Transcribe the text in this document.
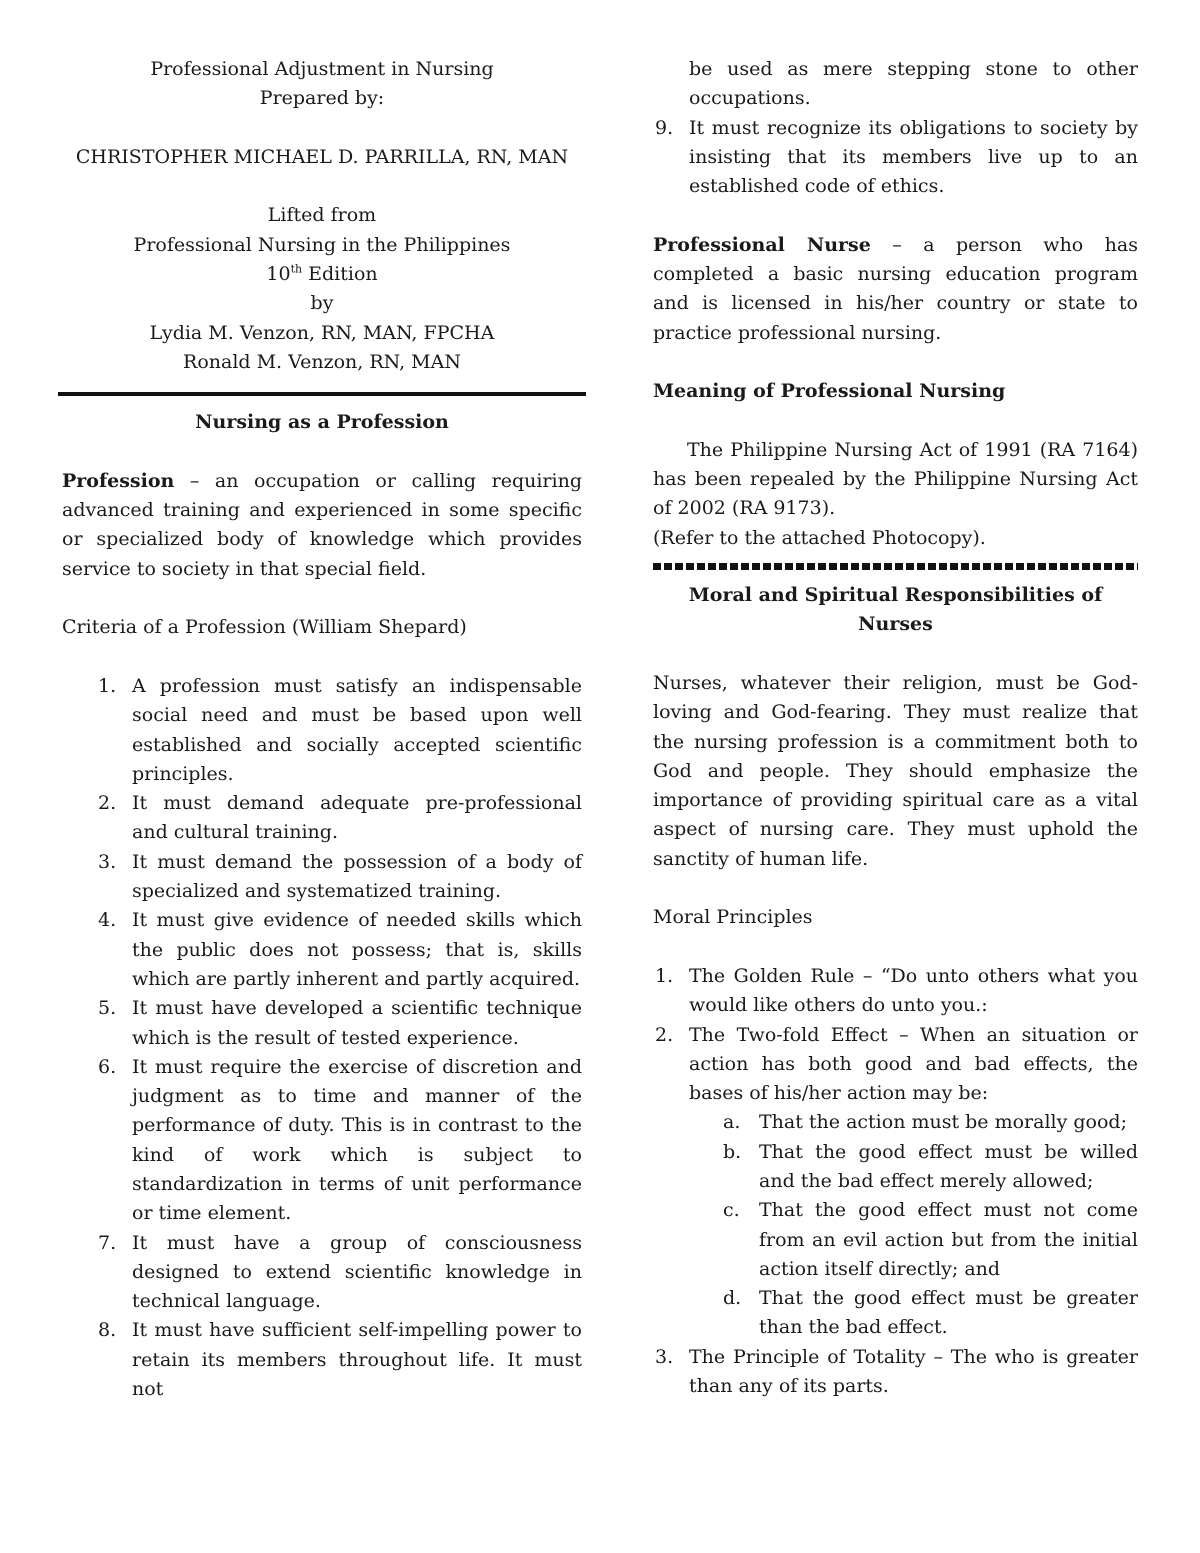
Professional Adjustment in Nursing

Prepared by:

CHRISTOPHER MICHAEL D. PARRILLA, RN, MAN

Lifted from

Professional Nursing in the Philippines

10th Edition

by

Lydia M. Venzon, RN, MAN, FPCHA

Ronald M. Venzon, RN, MAN

Nursing as a Profession

Profession – an occupation or calling requiring advanced training and experienced in some specific or specialized body of knowledge which provides service to society in that special field.

Criteria of a Profession (William Shepard)

1. A profession must satisfy an indispensable social need and must be based upon well established and socially accepted scientific principles.
2. It must demand adequate pre-professional and cultural training.
3. It must demand the possession of a body of specialized and systematized training.
4. It must give evidence of needed skills which the public does not possess; that is, skills which are partly inherent and partly acquired.
5. It must have developed a scientific technique which is the result of tested experience.
6. It must require the exercise of discretion and judgment as to time and manner of the performance of duty. This is in contrast to the kind of work which is subject to standardization in terms of unit performance or time element.
7. It must have a group of consciousness designed to extend scientific knowledge in technical language.
8. It must have sufficient self-impelling power to retain its members throughout life. It must not
be used as mere stepping stone to other occupations.
9. It must recognize its obligations to society by insisting that its members live up to an established code of ethics.

Professional Nurse – a person who has completed a basic nursing education program and is licensed in his/her country or state to practice professional nursing.

Meaning of Professional Nursing

The Philippine Nursing Act of 1991 (RA 7164) has been repealed by the Philippine Nursing Act of 2002 (RA 9173).

(Refer to the attached Photocopy).

Moral and Spiritual Responsibilities of Nurses

Nurses, whatever their religion, must be God-loving and God-fearing. They must realize that the nursing profession is a commitment both to God and people. They should emphasize the importance of providing spiritual care as a vital aspect of nursing care. They must uphold the sanctity of human life.

Moral Principles

1. The Golden Rule – “Do unto others what you would like others do unto you.:
2. The Two-fold Effect – When an situation or action has both good and bad effects, the bases of his/her action may be:
a. That the action must be morally good;
b. That the good effect must be willed and the bad effect merely allowed;
c.	That the good effect must not come from an evil action but from the initial action itself directly; and
d. That the good effect must be greater than the bad effect.
3. The Principle of Totality – The who is greater than any of its parts.
